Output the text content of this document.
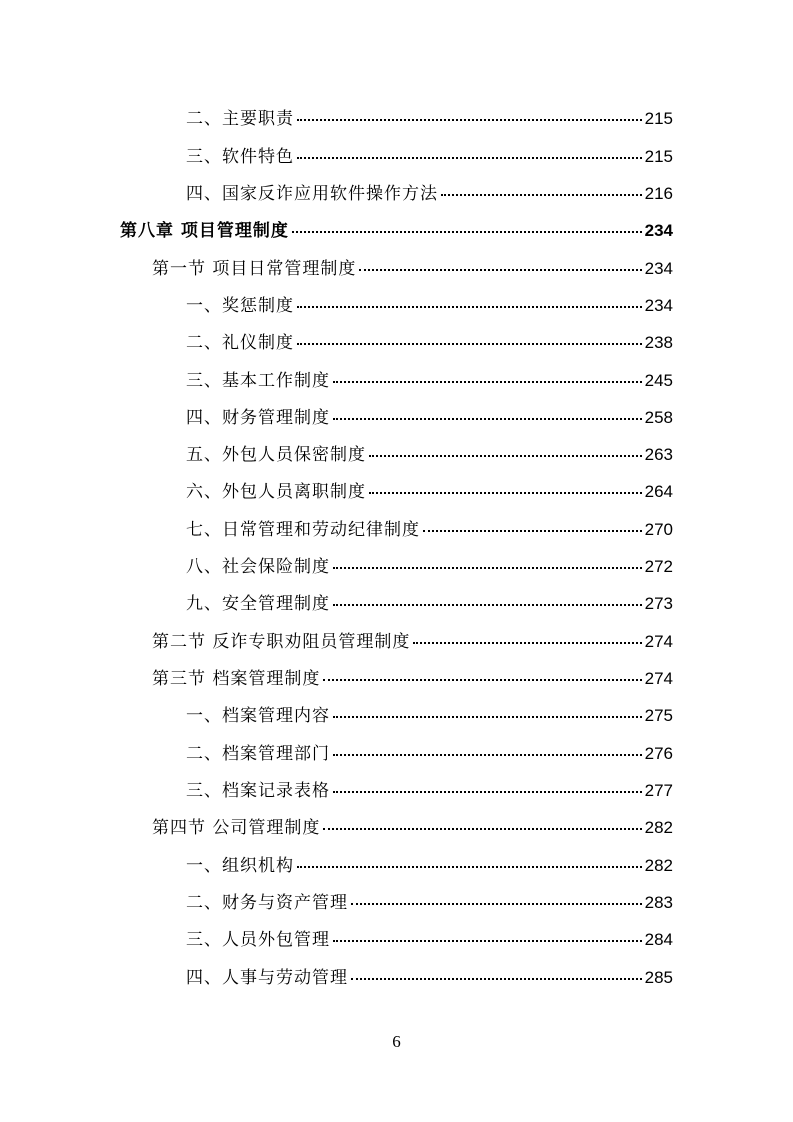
二、主要职责	215
三、软件特色	215
四、国家反诈应用软件操作方法	216
第八章 项目管理制度	234
第一节 项目日常管理制度	234
一、奖惩制度	234
二、礼仪制度	238
三、基本工作制度	245
四、财务管理制度	258
五、外包人员保密制度	263
六、外包人员离职制度	264
七、日常管理和劳动纪律制度	270
八、社会保险制度	272
九、安全管理制度	273
第二节 反诈专职劝阻员管理制度	274
第三节 档案管理制度	274
一、档案管理内容	275
二、档案管理部门	276
三、档案记录表格	277
第四节 公司管理制度	282
一、组织机构	282
二、财务与资产管理	283
三、人员外包管理	284
四、人事与劳动管理	285
6
